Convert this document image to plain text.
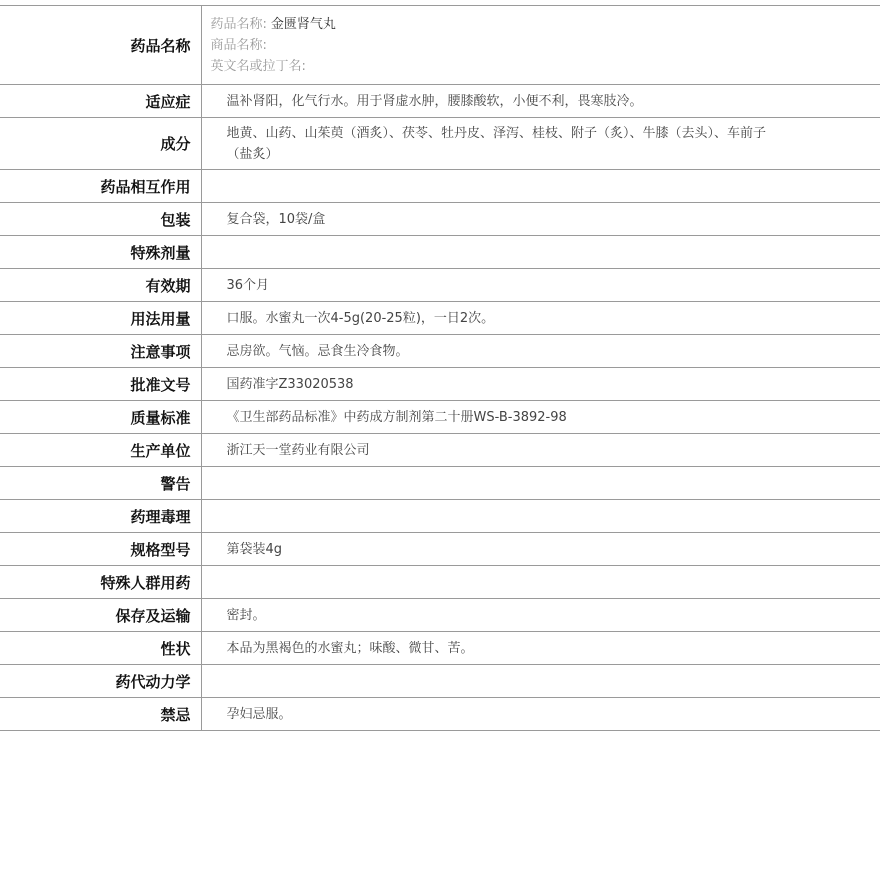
药品名称	药品名称: 金匮肾气丸
商品名称:
英文名或拉丁名:

适应症	温补肾阳，化气行水。用于肾虚水肿，腰膝酸软，小便不利，畏寒肢冷。
成分	地黄、山药、山茱萸（酒炙）、茯苓、牡丹皮、泽泻、桂枝、附子（炙）、牛膝（去头）、车前子（盐炙）
药品相互作用	
包装	复合袋，10袋/盒
特殊剂量	
有效期	36个月
用法用量	口服。水蜜丸一次4-5g(20-25粒)，一日2次。
注意事项	忌房欲。气恼。忌食生冷食物。
批准文号	国药准字Z33020538
质量标准	《卫生部药品标准》中药成方制剂第二十册WS-B-3892-98
生产单位	浙江天一堂药业有限公司
警告	
药理毒理	
规格型号	第袋装4g
特殊人群用药	
保存及运输	密封。
性状	本品为黑褐色的水蜜丸；味酸、微甘、苦。
药代动力学	
禁忌	孕妇忌服。
